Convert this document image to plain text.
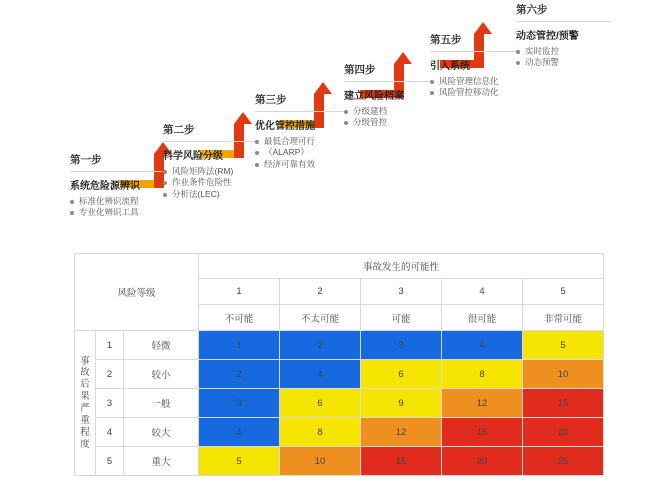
第一步
系统危险源辨识
标准化辨识流程
专业化辨识工具
第二步
科学风险分级
风险矩阵法(RM)
作业条件危险性
分析法(LEC)
第三步
优化管控措施
最低合理可行
（ALARP）
经济可靠有效
第四步
建立风险档案
分级建档
分级管控
第五步
引入系统
风险管理信息化
风险管控移动化
第六步
动态管控/预警
实时监控
动态预警
风险等级			事故发生的可能性				
			1	2	3	4	5
			不可能	不太可能	可能	很可能	非常可能

事
故
后
果
严
重
程
度
	1	轻微	1	2	3	4	5
	2	较小	2	4	6	8	10
	3	一般	3	6	9	12	15
	4	较大	4	8	12	16	20
	5	重大	5	10	15	20	25
